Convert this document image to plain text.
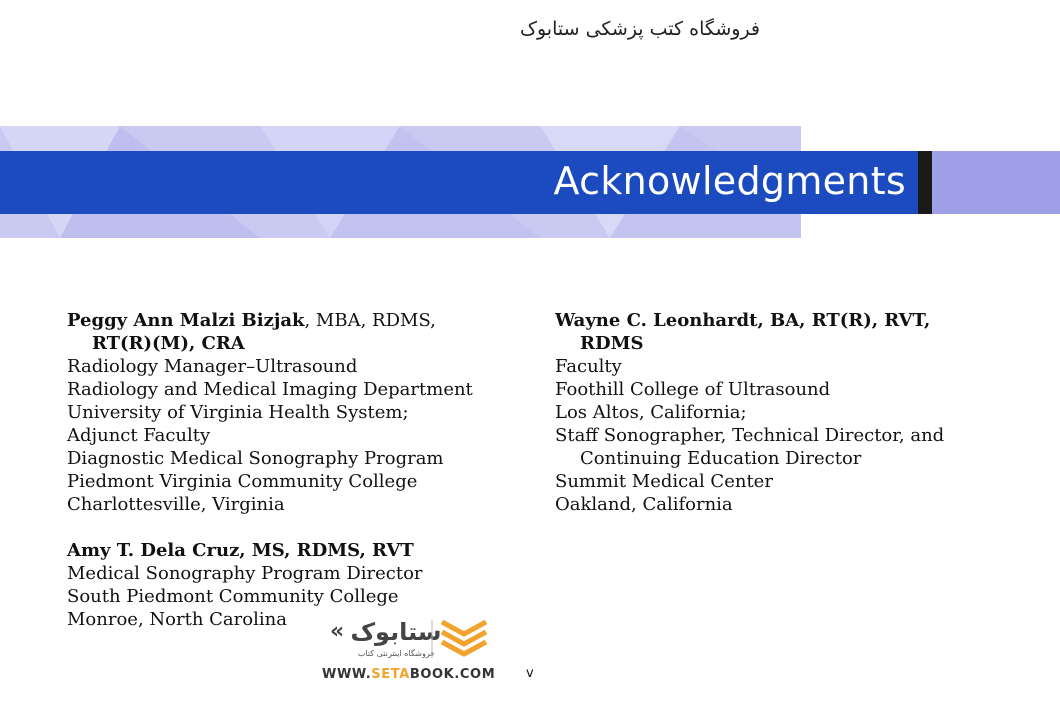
فروشگاه کتب پزشکی ستابوک
Acknowledgments
Peggy Ann Malzi Bizjak, MBA, RDMS,
RT(R)(M), CRA
Radiology Manager–Ultrasound
Radiology and Medical Imaging Department
University of Virginia Health System;
Adjunct Faculty
Diagnostic Medical Sonography Program
Piedmont Virginia Community College
Charlottesville, Virginia
Amy T. Dela Cruz, MS, RDMS, RVT
Medical Sonography Program Director
South Piedmont Community College
Monroe, North Carolina
Wayne C. Leonhardt, BA, RT(R), RVT,
RDMS
Faculty
Foothill College of Ultrasound
Los Altos, California;
Staff Sonographer, Technical Director, and
Continuing Education Director
Summit Medical Center
Oakland, California
« ستابوک
فروشگاه اینترنتی کتاب
WWW.SETABOOK.COM v
